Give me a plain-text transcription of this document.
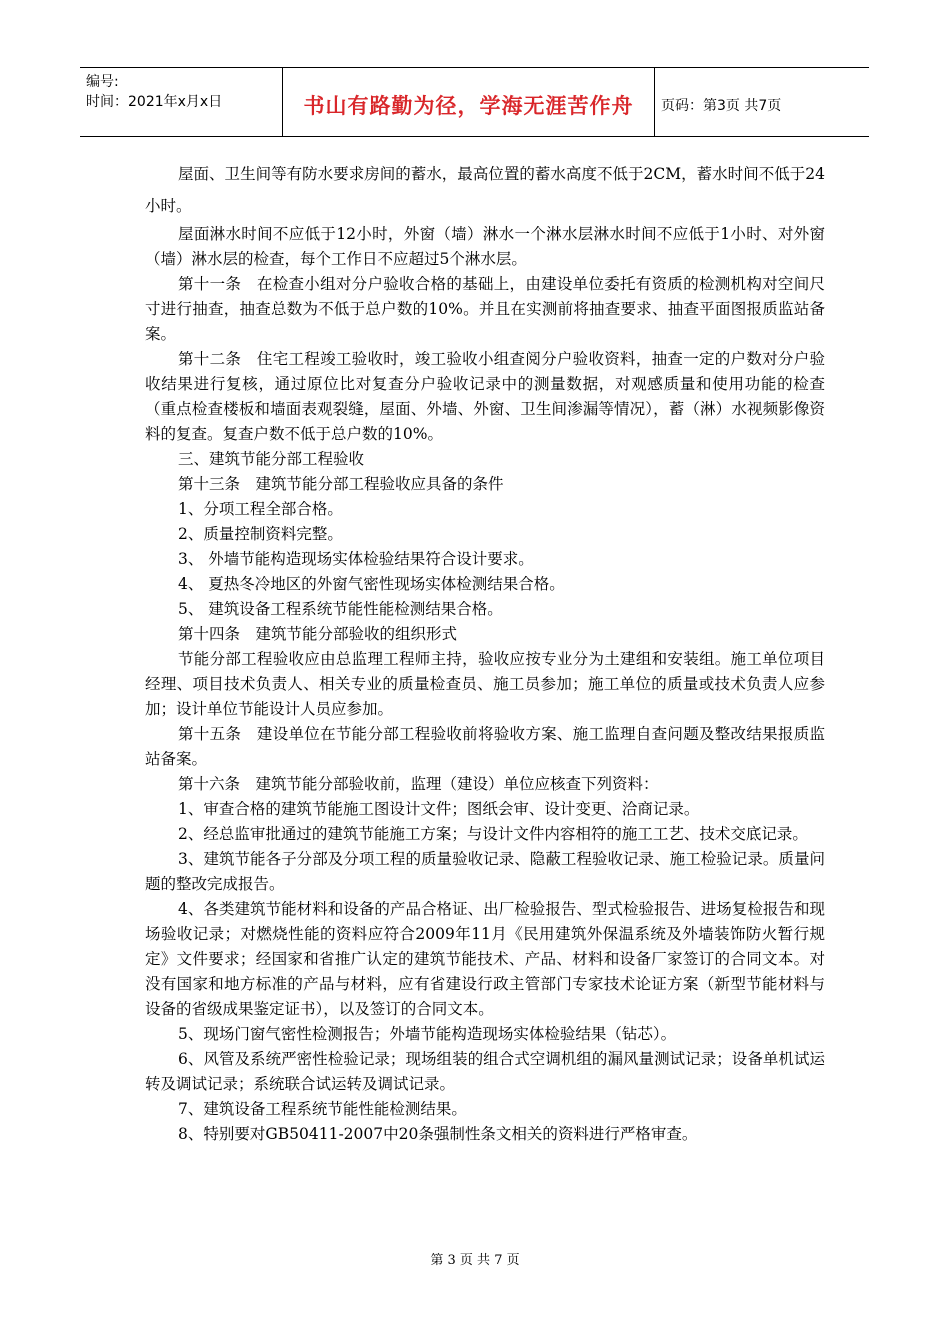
编号:
时间：2021年x月x日	书山有路勤为径，学海无涯苦作舟	页码：第3页 共7页

屋面、卫生间等有防水要求房间的蓄水，最高位置的蓄水高度不低于2CM，蓄水时间不低于24小时。

屋面淋水时间不应低于12小时，外窗（墙）淋水一个淋水层淋水时间不应低于1小时、对外窗（墙）淋水层的检查，每个工作日不应超过5个淋水层。

第十一条　在检查小组对分户验收合格的基础上，由建设单位委托有资质的检测机构对空间尺寸进行抽查，抽查总数为不低于总户数的10%。并且在实测前将抽查要求、抽查平面图报质监站备案。

第十二条　住宅工程竣工验收时，竣工验收小组查阅分户验收资料，抽查一定的户数对分户验收结果进行复核，通过原位比对复查分户验收记录中的测量数据，对观感质量和使用功能的检查（重点检查楼板和墙面表观裂缝，屋面、外墙、外窗、卫生间渗漏等情况），蓄（淋）水视频影像资料的复查。复查户数不低于总户数的10%。

三、建筑节能分部工程验收

第十三条　建筑节能分部工程验收应具备的条件

1、分项工程全部合格。

2、质量控制资料完整。

3、 外墙节能构造现场实体检验结果符合设计要求。

4、 夏热冬冷地区的外窗气密性现场实体检测结果合格。

5、 建筑设备工程系统节能性能检测结果合格。

第十四条　建筑节能分部验收的组织形式

节能分部工程验收应由总监理工程师主持，验收应按专业分为土建组和安装组。施工单位项目经理、项目技术负责人、相关专业的质量检查员、施工员参加；施工单位的质量或技术负责人应参加；设计单位节能设计人员应参加。

第十五条　建设单位在节能分部工程验收前将验收方案、施工监理自查问题及整改结果报质监站备案。

第十六条　建筑节能分部验收前，监理（建设）单位应核查下列资料：

1、审查合格的建筑节能施工图设计文件；图纸会审、设计变更、洽商记录。

2、经总监审批通过的建筑节能施工方案；与设计文件内容相符的施工工艺、技术交底记录。

3、建筑节能各子分部及分项工程的质量验收记录、隐蔽工程验收记录、施工检验记录。质量问题的整改完成报告。

4、各类建筑节能材料和设备的产品合格证、出厂检验报告、型式检验报告、进场复检报告和现场验收记录；对燃烧性能的资料应符合2009年11月《民用建筑外保温系统及外墙装饰防火暂行规定》文件要求；经国家和省推广认定的建筑节能技术、产品、材料和设备厂家签订的合同文本。对没有国家和地方标准的产品与材料，应有省建设行政主管部门专家技术论证方案（新型节能材料与设备的省级成果鉴定证书），以及签订的合同文本。

5、现场门窗气密性检测报告；外墙节能构造现场实体检验结果（钻芯）。

6、风管及系统严密性检验记录；现场组装的组合式空调机组的漏风量测试记录；设备单机试运转及调试记录；系统联合试运转及调试记录。

7、建筑设备工程系统节能性能检测结果。

8、特别要对GB50411-2007中20条强制性条文相关的资料进行严格审查。

第 3 页 共 7 页
